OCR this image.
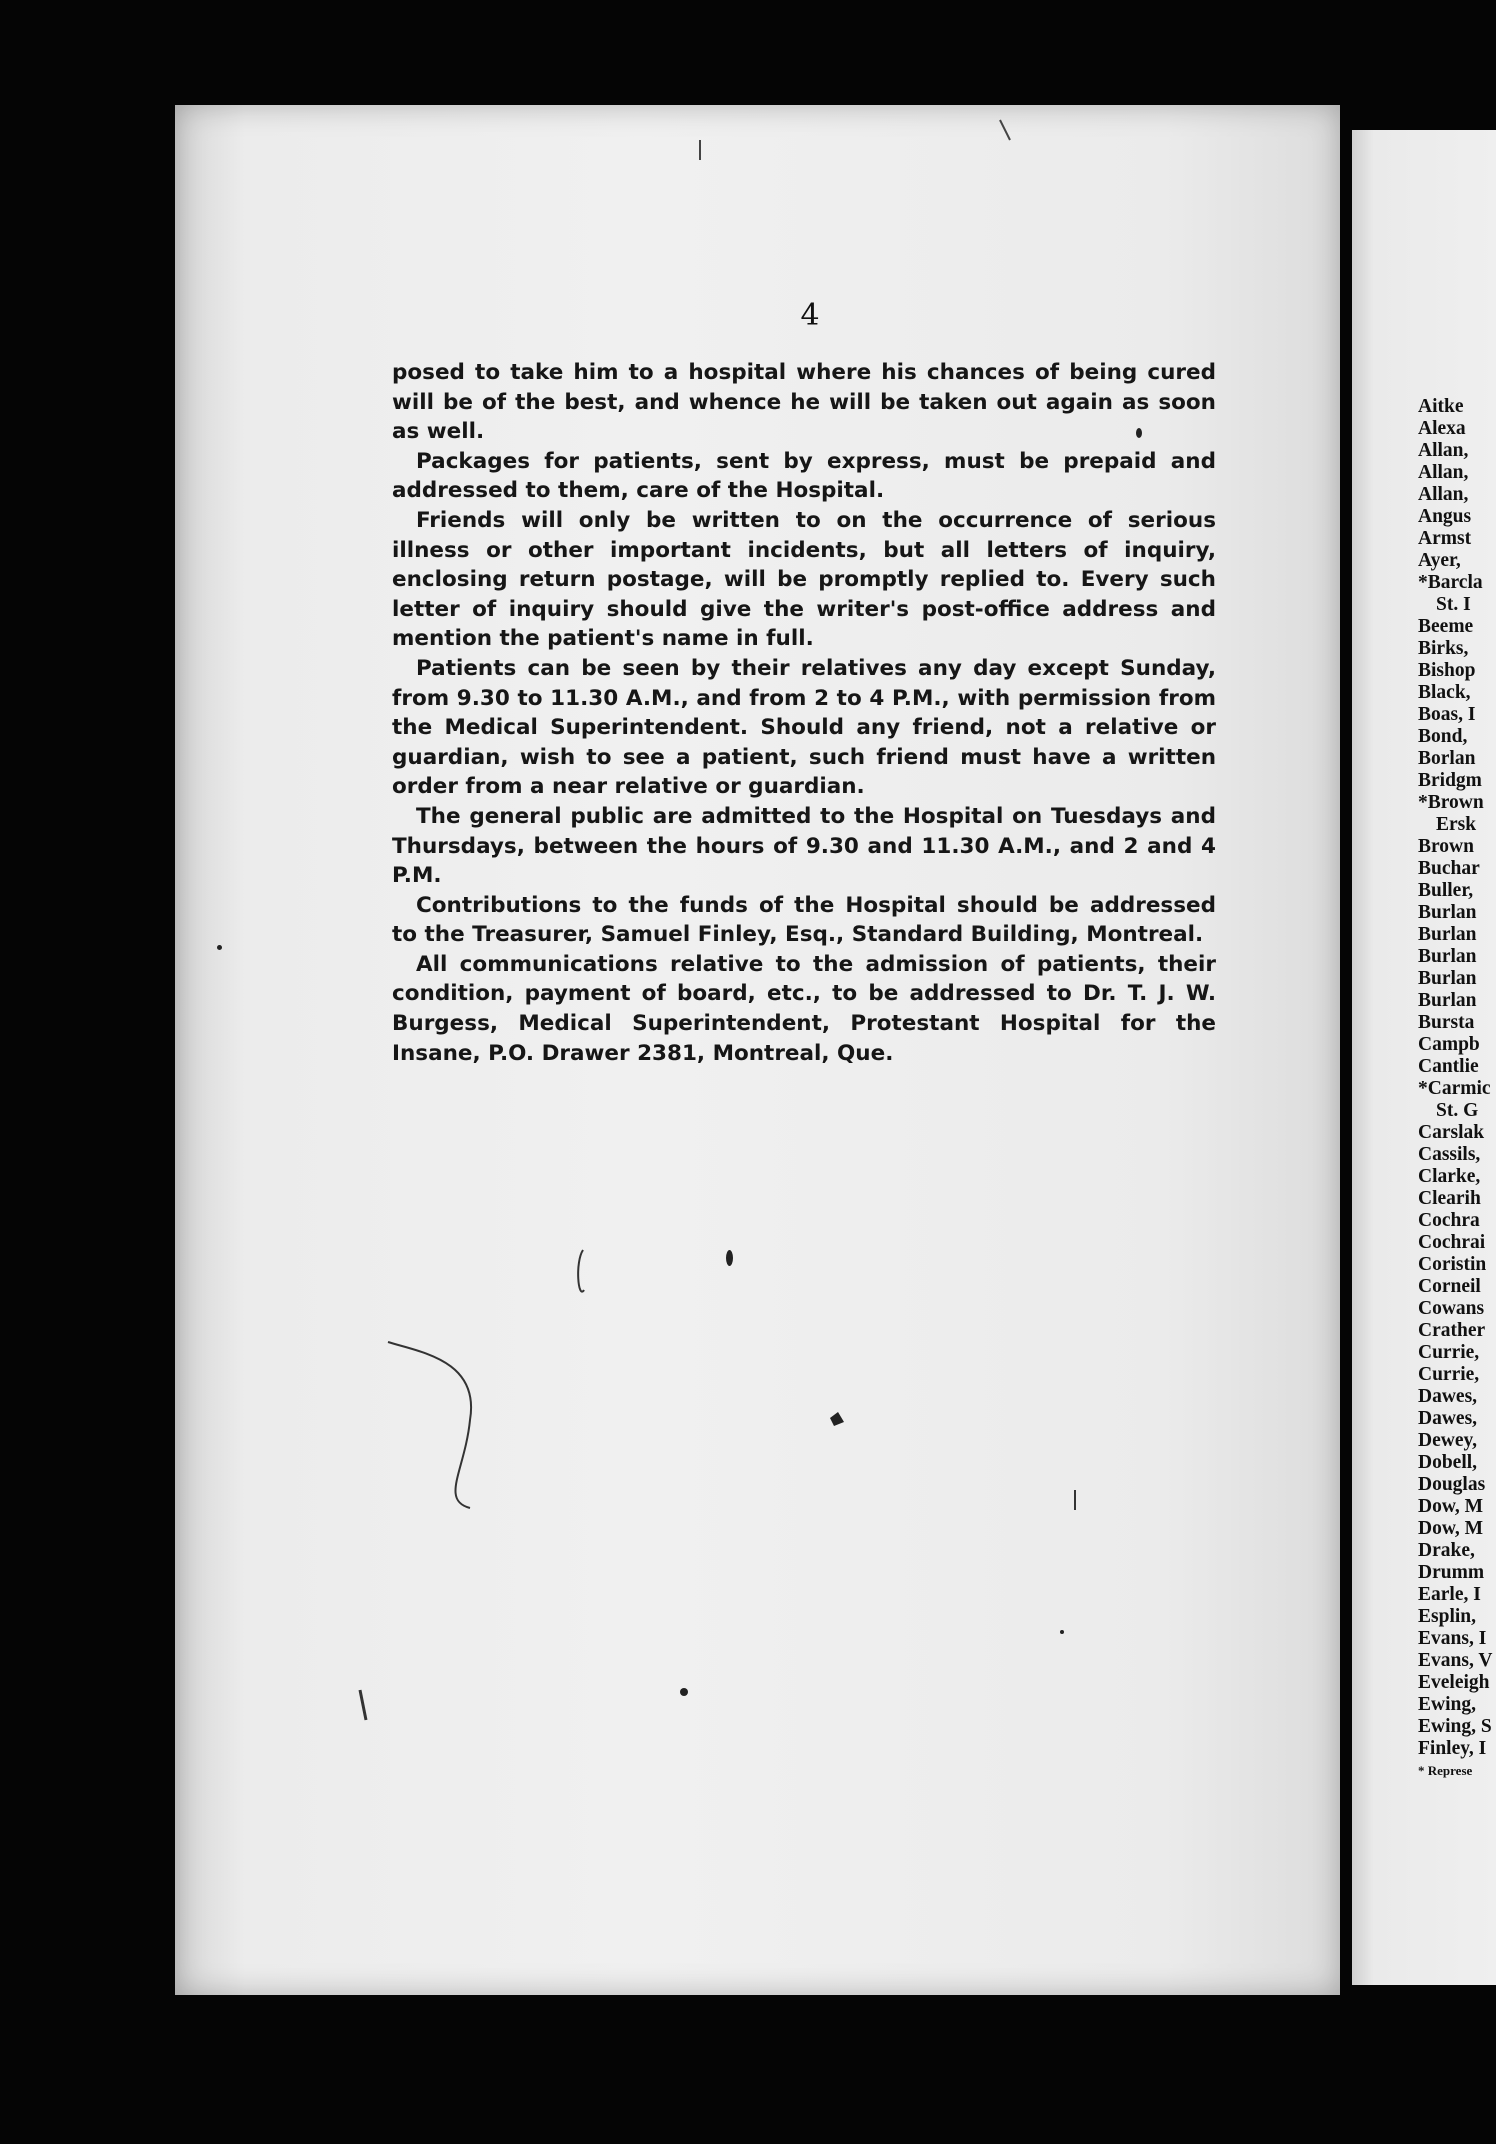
4

posed to take him to a hospital where his chances of being cured will be of the best, and whence he will be taken out again as soon as well.

Packages for patients, sent by express, must be prepaid and addressed to them, care of the Hospital.

Friends will only be written to on the occurrence of serious illness or other important incidents, but all letters of inquiry, enclosing return postage, will be promptly replied to. Every such letter of inquiry should give the writer's post-office address and mention the patient's name in full.

Patients can be seen by their relatives any day except Sunday, from 9.30 to 11.30 A.M., and from 2 to 4 P.M., with permission from the Medical Superintendent. Should any friend, not a relative or guardian, wish to see a patient, such friend must have a written order from a near relative or guardian.

The general public are admitted to the Hospital on Tuesdays and Thursdays, between the hours of 9.30 and 11.30 A.M., and 2 and 4 P.M.

Contributions to the funds of the Hospital should be addressed to the Treasurer, Samuel Finley, Esq., Standard Building, Montreal.

All communications relative to the admission of patients, their condition, payment of board, etc., to be addressed to Dr. T. J. W. Burgess, Medical Superintendent, Protestant Hospital for the Insane, P.O. Drawer 2381, Montreal, Que.

Aitke
Alexa
Allan,
Allan,
Allan,
Angus
Armst
Ayer,
*Barcla
St. I
Beeme
Birks,
Bishop
Black,
Boas, I
Bond,
Borlan
Bridgm
*Brown
Ersk
Brown
Buchar
Buller,
Burlan
Burlan
Burlan
Burlan
Burlan
Bursta
Campb
Cantlie
*Carmic
St. G
Carslak
Cassils,
Clarke,
Clearih
Cochra
Cochrai
Coristin
Corneil
Cowans
Crather
Currie,
Currie,
Dawes,
Dawes,
Dewey,
Dobell,
Douglas
Dow, M
Dow, M
Drake,
Drumm
Earle, I
Esplin,
Evans, I
Evans, V
Eveleigh
Ewing,
Ewing, S
Finley, I
* Represe
